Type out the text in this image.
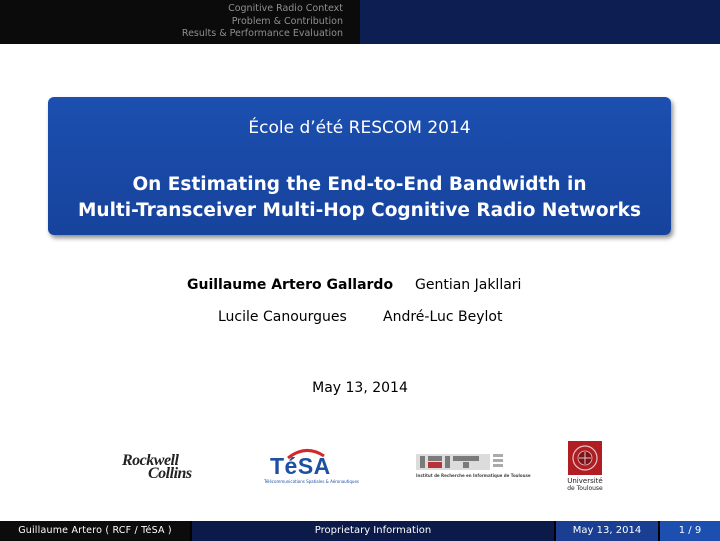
Cognitive Radio Context
Problem & Contribution
Results & Performance Evaluation
École d’été RESCOM 2014
On Estimating the End-to-End Bandwidth in
Multi-Transceiver Multi-Hop Cognitive Radio Networks
Guillaume Artero Gallardo Gentian Jakllari
Lucile Canourgues	André-Luc Beylot
May 13, 2014
Rockwell
Collins	TéSA
Télécommunications Spatiales & Aéronautiques
Institut de Recherche en Informatique de Toulouse
Université
de Toulouse
Guillaume Artero ( RCF / TéSA )	Proprietary Information	May 13, 2014	1 / 9
